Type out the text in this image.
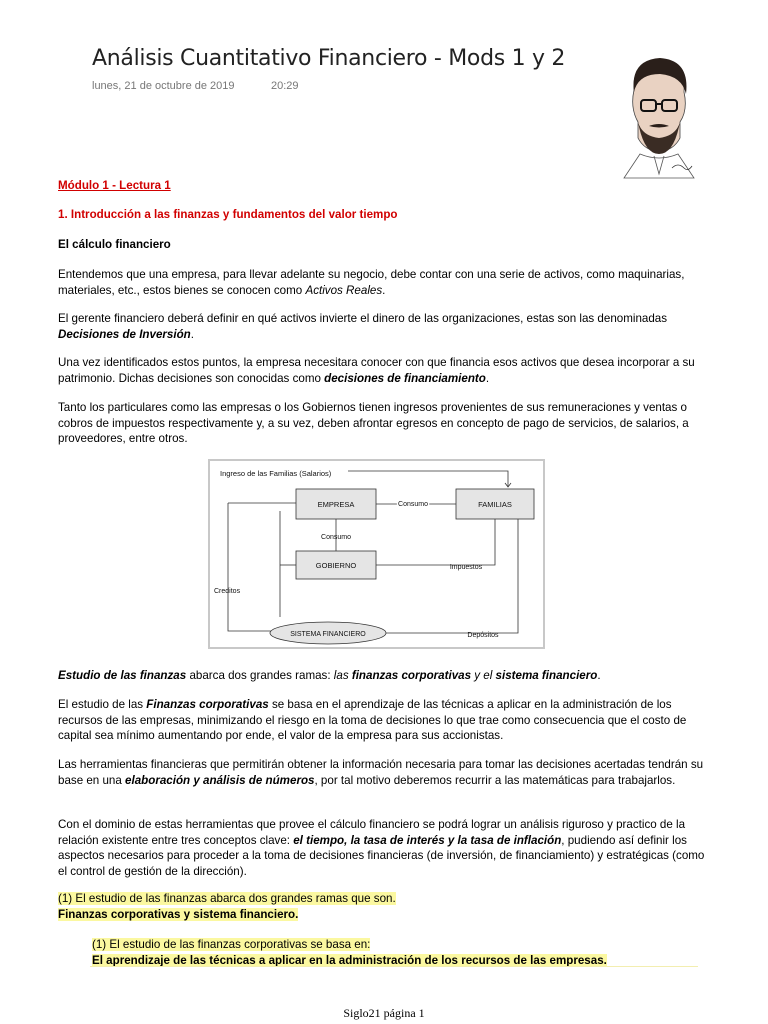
Análisis Cuantitativo Financiero - Mods 1 y 2
lunes, 21 de octubre de 2019	20:29
Módulo 1 - Lectura 1
1. Introducción a las finanzas y fundamentos del valor tiempo
El cálculo financiero
Entendemos que una empresa, para llevar adelante su negocio, debe contar con una serie de activos, como maquinarias, materiales, etc., estos bienes se conocen como Activos Reales.
El gerente financiero deberá definir en qué activos invierte el dinero de las organizaciones, estas son las denominadas Decisiones de Inversión.
Una vez identificados estos puntos, la empresa necesitara conocer con que financia esos activos que desea incorporar a su patrimonio. Dichas decisiones son conocidas como decisiones de financiamiento.
Tanto los particulares como las empresas o los Gobiernos tienen ingresos provenientes de sus remuneraciones y ventas o cobros de impuestos respectivamente y, a su vez, deben afrontar egresos en concepto de pago de servicios, de salarios, a proveedores, entre otros.
Ingreso de las Familias (Salarios)
EMPRESA	FAMILIAS
Consumo
Consumo
GOBIERNO	Impuestos
Creditos
SISTEMA FINANCIERO	Depósitos
Estudio de las finanzas abarca dos grandes ramas: las finanzas corporativas y el sistema financiero.
El estudio de las Finanzas corporativas se basa en el aprendizaje de las técnicas a aplicar en la administración de los recursos de las empresas, minimizando el riesgo en la toma de decisiones lo que trae como consecuencia que el costo de capital sea mínimo aumentando por ende, el valor de la empresa para sus accionistas.
Las herramientas financieras que permitirán obtener la información necesaria para tomar las decisiones acertadas tendrán su base en una elaboración y análisis de números, por tal motivo deberemos recurrir a las matemáticas para trabajarlos.
Con el dominio de estas herramientas que provee el cálculo financiero se podrá lograr un análisis riguroso y practico de la relación existente entre tres conceptos clave: el tiempo, la tasa de interés y la tasa de inflación, pudiendo así definir los aspectos necesarios para proceder a la toma de decisiones financieras (de inversión, de financiamiento) y estratégicas (como el control de gestión de la dirección).
(1) El estudio de las finanzas abarca dos grandes ramas que son.
Finanzas corporativas y sistema financiero.
(1) El estudio de las finanzas corporativas se basa en:
El aprendizaje de las técnicas a aplicar en la administración de los recursos de las empresas.
Siglo21 página 1
